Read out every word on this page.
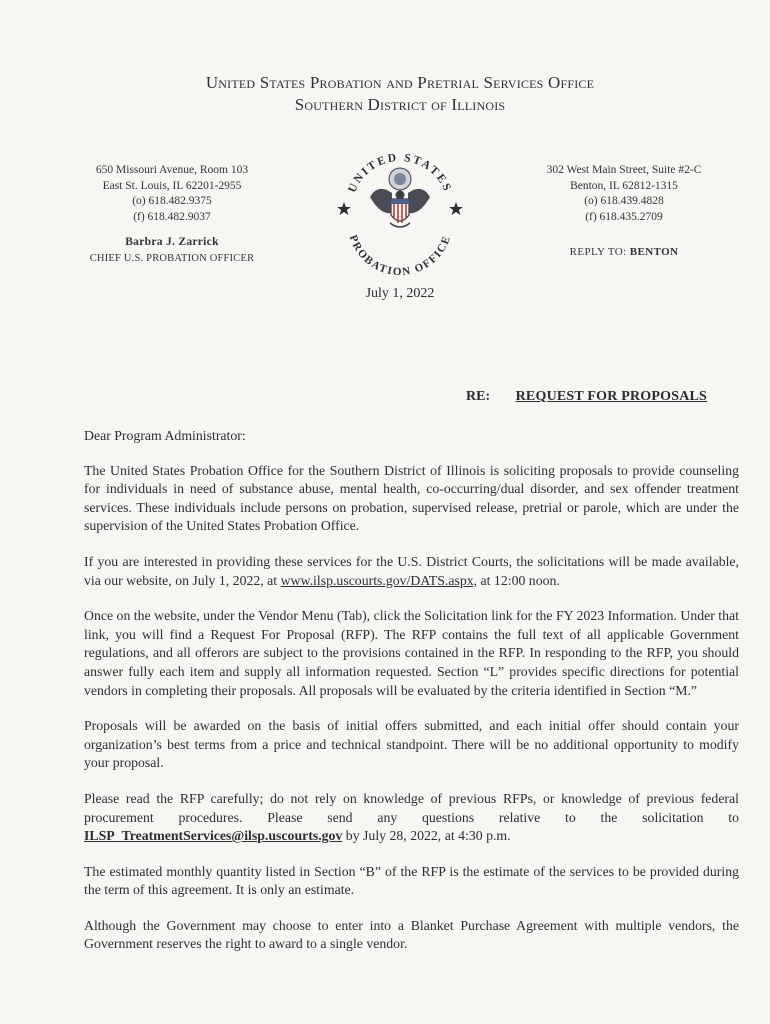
United States Probation and Pretrial Services Office
Southern District of Illinois
650 Missouri Avenue, Room 103
East St. Louis, IL 62201-2955
(o) 618.482.9375
(f) 618.482.9037
Barbra J. Zarrick
CHIEF U.S. PROBATION OFFICER
UNITED STATES
PROBATION OFFICE
302 West Main Street, Suite #2-C
Benton, IL 62812-1315
(o) 618.439.4828
(f) 618.435.2709
REPLY TO: BENTON
July 1, 2022
RE: REQUEST FOR PROPOSALS

Dear Program Administrator:

The United States Probation Office for the Southern District of Illinois is soliciting proposals to provide counseling for individuals in need of substance abuse, mental health, co-occurring/dual disorder, and sex offender treatment services. These individuals include persons on probation, supervised release, pretrial or parole, which are under the supervision of the United States Probation Office.

If you are interested in providing these services for the U.S. District Courts, the solicitations will be made available, via our website, on July 1, 2022, at www.ilsp.uscourts.gov/DATS.aspx, at 12:00 noon.

Once on the website, under the Vendor Menu (Tab), click the Solicitation link for the FY 2023 Information. Under that link, you will find a Request For Proposal (RFP). The RFP contains the full text of all applicable Government regulations, and all offerors are subject to the provisions contained in the RFP. In responding to the RFP, you should answer fully each item and supply all information requested. Section “L” provides specific directions for potential vendors in completing their proposals. All proposals will be evaluated by the criteria identified in Section “M.”

Proposals will be awarded on the basis of initial offers submitted, and each initial offer should contain your organization’s best terms from a price and technical standpoint. There will be no additional opportunity to modify your proposal.

Please read the RFP carefully; do not rely on knowledge of previous RFPs, or knowledge of previous federal procurement procedures. Please send any questions relative to the solicitation to ILSP_TreatmentServices@ilsp.uscourts.gov by July 28, 2022, at 4:30 p.m.

The estimated monthly quantity listed in Section “B” of the RFP is the estimate of the services to be provided during the term of this agreement. It is only an estimate.

Although the Government may choose to enter into a Blanket Purchase Agreement with multiple vendors, the Government reserves the right to award to a single vendor.
